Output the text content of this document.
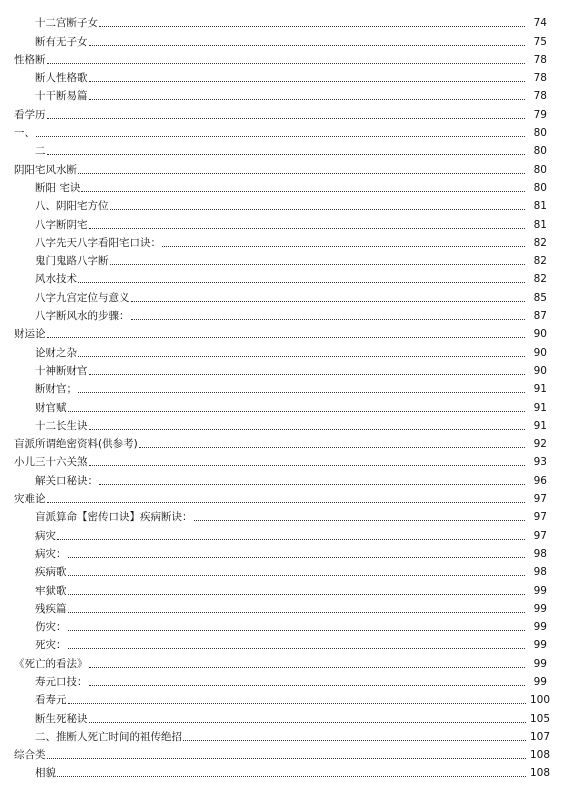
十二宫断子女	74
断有无子女	75
性格断	78
断人性格歌	78
十干断易篇	78
看学历	79
一、	80
二	80
阴阳宅风水断	80
断阳 宅诀	80
八、阴阳宅方位	81
八字断阴宅	81
八字先天八字看阳宅口诀：	82
鬼门鬼路八字断	82
风水技术	82
八字九宫定位与意义	85
八字断风水的步骤：	87
财运论	90
论财之杂	90
十神断财官	90
断财官；	91
财官赋	91
十二长生诀	91
盲派所谓绝密资料(供参考)	92
小儿三十六关煞	93
解关口秘诀：	96
灾难论	97
盲派算命【密传口诀】疾病断诀：	97
病灾	97
病灾：	98
疾病歌	98
牢狱歌	99
残疾篇	99
伤灾：	99
死灾：	99
《死亡的看法》	99
寿元口技：	99
看寿元	100
断生死秘诀	105
二、推断人死亡时间的祖传绝招	107
综合类	108
相貌	108
